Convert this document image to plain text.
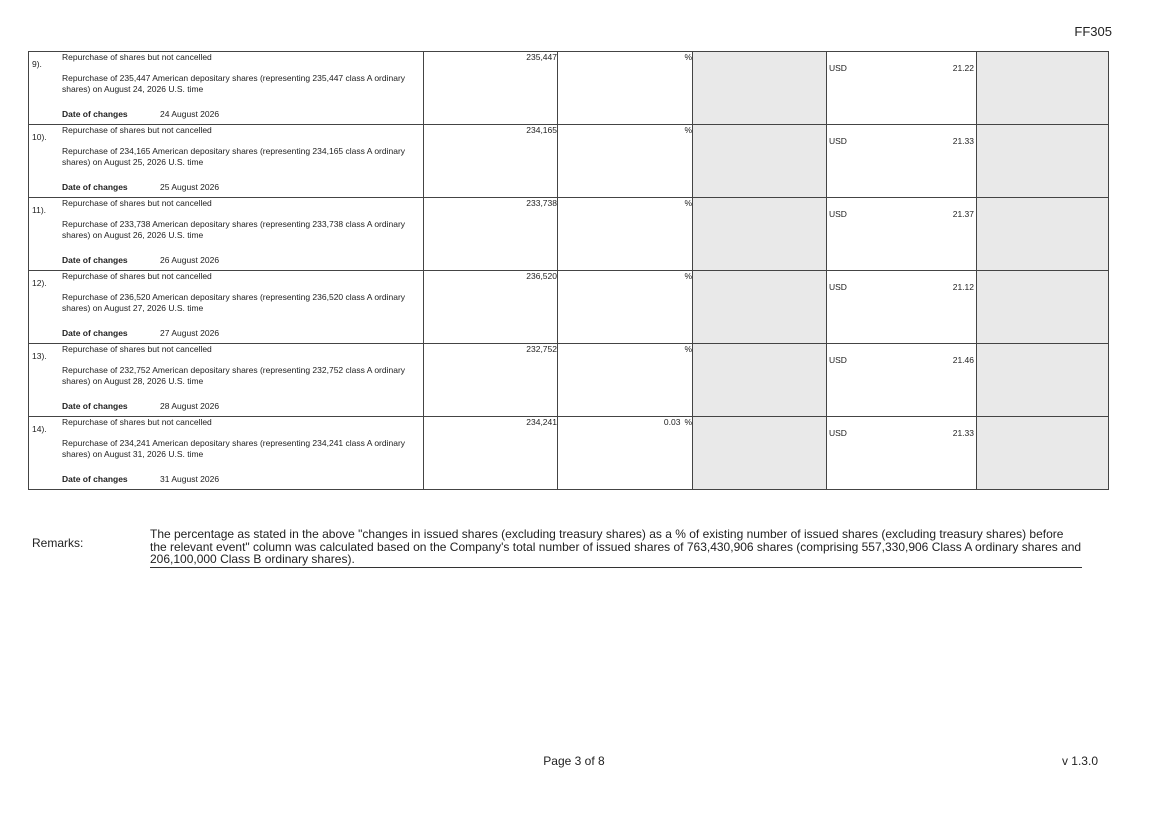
FF305
9).
Repurchase of shares but not cancelled
Repurchase of 235,447 American depositary shares (representing 235,447 class A ordinary shares) on August 24, 2026 U.S. time
Date of changes 24 August 2026	235,447	%		USD 21.22	

10).
Repurchase of shares but not cancelled
Repurchase of 234,165 American depositary shares (representing 234,165 class A ordinary shares) on August 25, 2026 U.S. time
Date of changes 25 August 2026	234,165	%		USD 21.33	

11).
Repurchase of shares but not cancelled
Repurchase of 233,738 American depositary shares (representing 233,738 class A ordinary shares) on August 26, 2026 U.S. time
Date of changes 26 August 2026	233,738	%		USD 21.37	

12).
Repurchase of shares but not cancelled
Repurchase of 236,520 American depositary shares (representing 236,520 class A ordinary shares) on August 27, 2026 U.S. time
Date of changes 27 August 2026	236,520	%		USD 21.12	

13).
Repurchase of shares but not cancelled
Repurchase of 232,752 American depositary shares (representing 232,752 class A ordinary shares) on August 28, 2026 U.S. time
Date of changes 28 August 2026	232,752	%		USD 21.46	

14).
Repurchase of shares but not cancelled
Repurchase of 234,241 American depositary shares (representing 234,241 class A ordinary shares) on August 31, 2026 U.S. time
Date of changes 31 August 2026	234,241	0.03 %		USD 21.33	

Remarks:
The percentage as stated in the above "changes in issued shares (excluding treasury shares) as a % of existing number of issued shares (excluding treasury shares) before the relevant event" column was calculated based on the Company's total number of issued shares of 763,430,906 shares (comprising 557,330,906 Class A ordinary shares and 206,100,000 Class B ordinary shares).
Page 3 of 8	v 1.3.0
